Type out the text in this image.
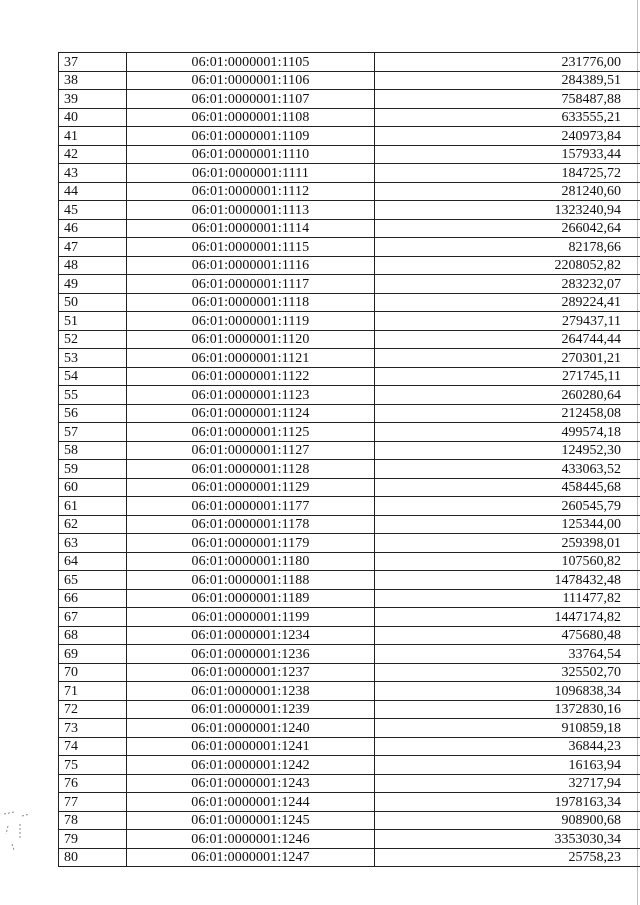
37	06:01:0000001:1105	231776,00
38	06:01:0000001:1106	284389,51
39	06:01:0000001:1107	758487,88
40	06:01:0000001:1108	633555,21
41	06:01:0000001:1109	240973,84
42	06:01:0000001:1110	157933,44
43	06:01:0000001:1111	184725,72
44	06:01:0000001:1112	281240,60
45	06:01:0000001:1113	1323240,94
46	06:01:0000001:1114	266042,64
47	06:01:0000001:1115	82178,66
48	06:01:0000001:1116	2208052,82
49	06:01:0000001:1117	283232,07
50	06:01:0000001:1118	289224,41
51	06:01:0000001:1119	279437,11
52	06:01:0000001:1120	264744,44
53	06:01:0000001:1121	270301,21
54	06:01:0000001:1122	271745,11
55	06:01:0000001:1123	260280,64
56	06:01:0000001:1124	212458,08
57	06:01:0000001:1125	499574,18
58	06:01:0000001:1127	124952,30
59	06:01:0000001:1128	433063,52
60	06:01:0000001:1129	458445,68
61	06:01:0000001:1177	260545,79
62	06:01:0000001:1178	125344,00
63	06:01:0000001:1179	259398,01
64	06:01:0000001:1180	107560,82
65	06:01:0000001:1188	1478432,48
66	06:01:0000001:1189	111477,82
67	06:01:0000001:1199	1447174,82
68	06:01:0000001:1234	475680,48
69	06:01:0000001:1236	33764,54
70	06:01:0000001:1237	325502,70
71	06:01:0000001:1238	1096838,34
72	06:01:0000001:1239	1372830,16
73	06:01:0000001:1240	910859,18
74	06:01:0000001:1241	36844,23
75	06:01:0000001:1242	16163,94
76	06:01:0000001:1243	32717,94
77	06:01:0000001:1244	1978163,34
78	06:01:0000001:1245	908900,68
79	06:01:0000001:1246	3353030,34
80	06:01:0000001:1247	25758,23
